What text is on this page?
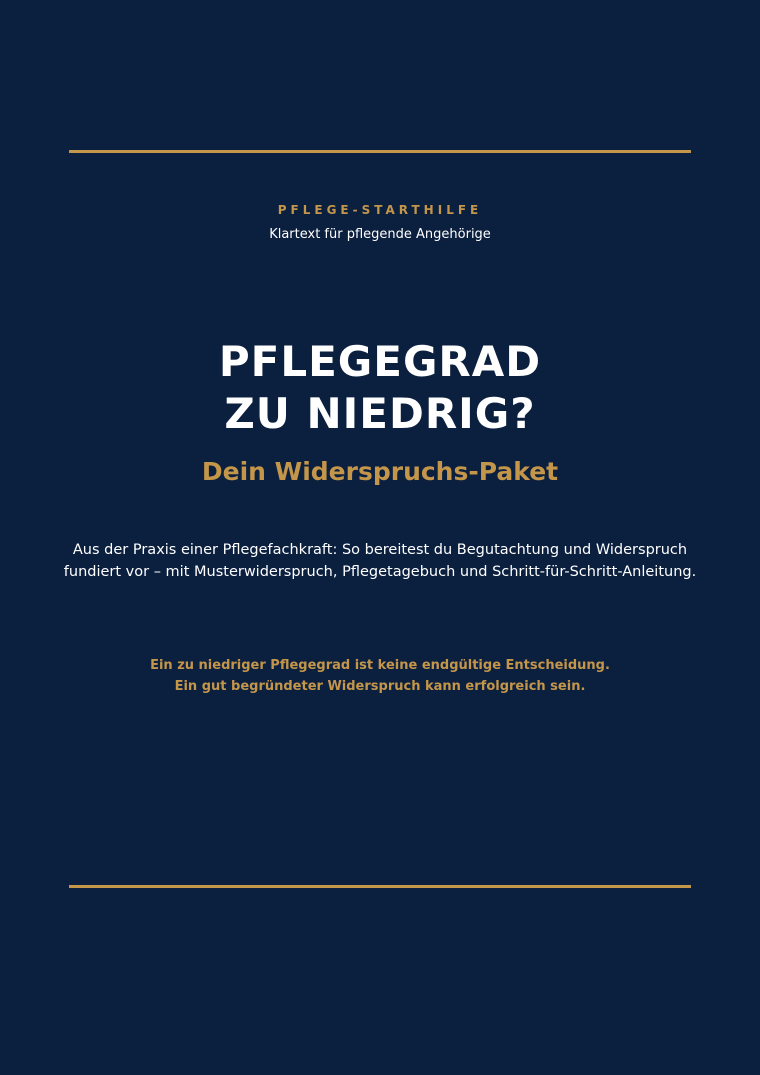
PFLEGE-STARTHILFE
Klartext für pflegende Angehörige
PFLEGEGRAD
ZU NIEDRIG?
Dein Widerspruchs-Paket
Aus der Praxis einer Pflegefachkraft: So bereitest du Begutachtung und Widerspruch
fundiert vor – mit Musterwiderspruch, Pflegetagebuch und Schritt-für-Schritt-Anleitung.
Ein zu niedriger Pflegegrad ist keine endgültige Entscheidung.
Ein gut begründeter Widerspruch kann erfolgreich sein.
